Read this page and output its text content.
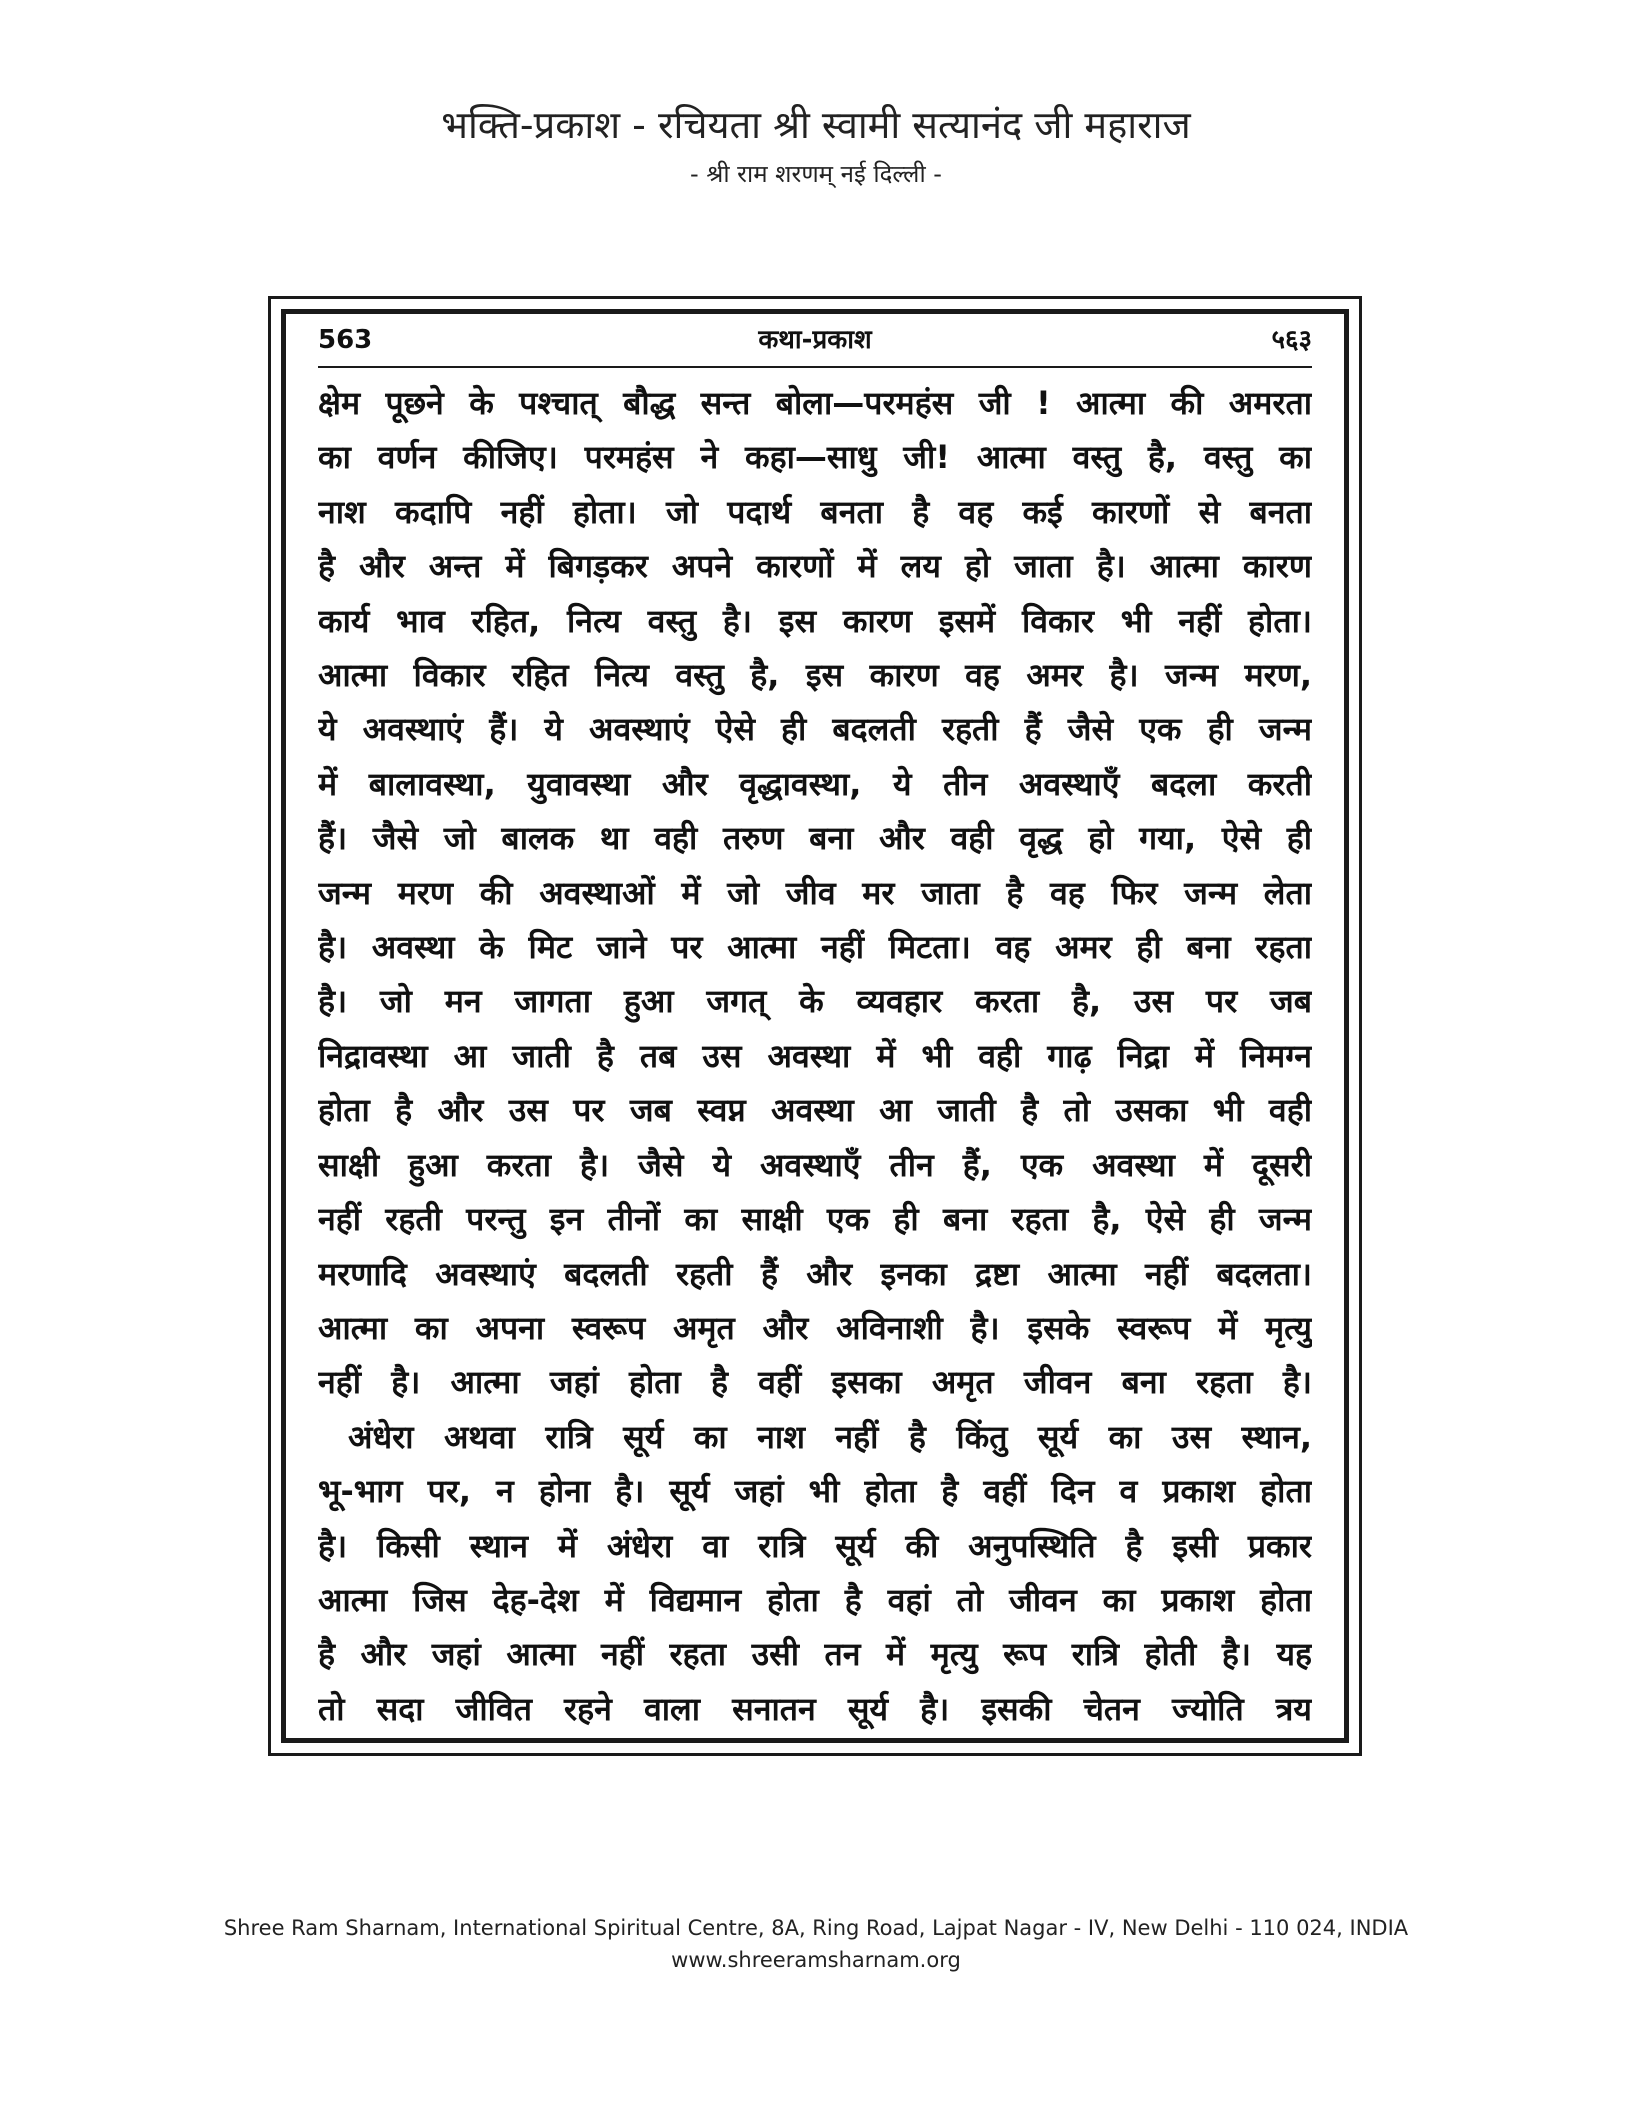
भक्ति-प्रकाश - रचियता श्री स्वामी सत्यानंद जी महाराज
- श्री राम शरणम् नई दिल्ली -
563	कथा-प्रकाश	५६३
क्षेम पूछने के पश्चात् बौद्ध सन्त बोला—परमहंस जी ! आत्मा की अमरता
का वर्णन कीजिए। परमहंस ने कहा—साधु जी! आत्मा वस्तु है, वस्तु का
नाश कदापि नहीं होता। जो पदार्थ बनता है वह कई कारणों से बनता
है और अन्त में बिगड़कर अपने कारणों में लय हो जाता है। आत्मा कारण
कार्य भाव रहित, नित्य वस्तु है। इस कारण इसमें विकार भी नहीं होता।
आत्मा विकार रहित नित्य वस्तु है, इस कारण वह अमर है। जन्म मरण,
ये अवस्थाएं हैं। ये अवस्थाएं ऐसे ही बदलती रहती हैं जैसे एक ही जन्म
में बालावस्था, युवावस्था और वृद्धावस्था, ये तीन अवस्थाएँ बदला करती
हैं। जैसे जो बालक था वही तरुण बना और वही वृद्ध हो गया, ऐसे ही
जन्म मरण की अवस्थाओं में जो जीव मर जाता है वह फिर जन्म लेता
है। अवस्था के मिट जाने पर आत्मा नहीं मिटता। वह अमर ही बना रहता
है। जो मन जागता हुआ जगत् के व्यवहार करता है, उस पर जब
निद्रावस्था आ जाती है तब उस अवस्था में भी वही गाढ़ निद्रा में निमग्न
होता है और उस पर जब स्वप्न अवस्था आ जाती है तो उसका भी वही
साक्षी हुआ करता है। जैसे ये अवस्थाएँ तीन हैं, एक अवस्था में दूसरी
नहीं रहती परन्तु इन तीनों का साक्षी एक ही बना रहता है, ऐसे ही जन्म
मरणादि अवस्थाएं बदलती रहती हैं और इनका द्रष्टा आत्मा नहीं बदलता।
आत्मा का अपना स्वरूप अमृत और अविनाशी है। इसके स्वरूप में मृत्यु
नहीं है। आत्मा जहां होता है वहीं इसका अमृत जीवन बना रहता है।
अंधेरा अथवा रात्रि सूर्य का नाश नहीं है किंतु सूर्य का उस स्थान,
भू-भाग पर, न होना है। सूर्य जहां भी होता है वहीं दिन व प्रकाश होता
है। किसी स्थान में अंधेरा वा रात्रि सूर्य की अनुपस्थिति है इसी प्रकार
आत्मा जिस देह-देश में विद्यमान होता है वहां तो जीवन का प्रकाश होता
है और जहां आत्मा नहीं रहता उसी तन में मृत्यु रूप रात्रि होती है। यह
तो सदा जीवित रहने वाला सनातन सूर्य है। इसकी चेतन ज्योति त्रय
Shree Ram Sharnam, International Spiritual Centre, 8A, Ring Road, Lajpat Nagar - IV, New Delhi - 110 024, INDIA
www.shreeramsharnam.org
